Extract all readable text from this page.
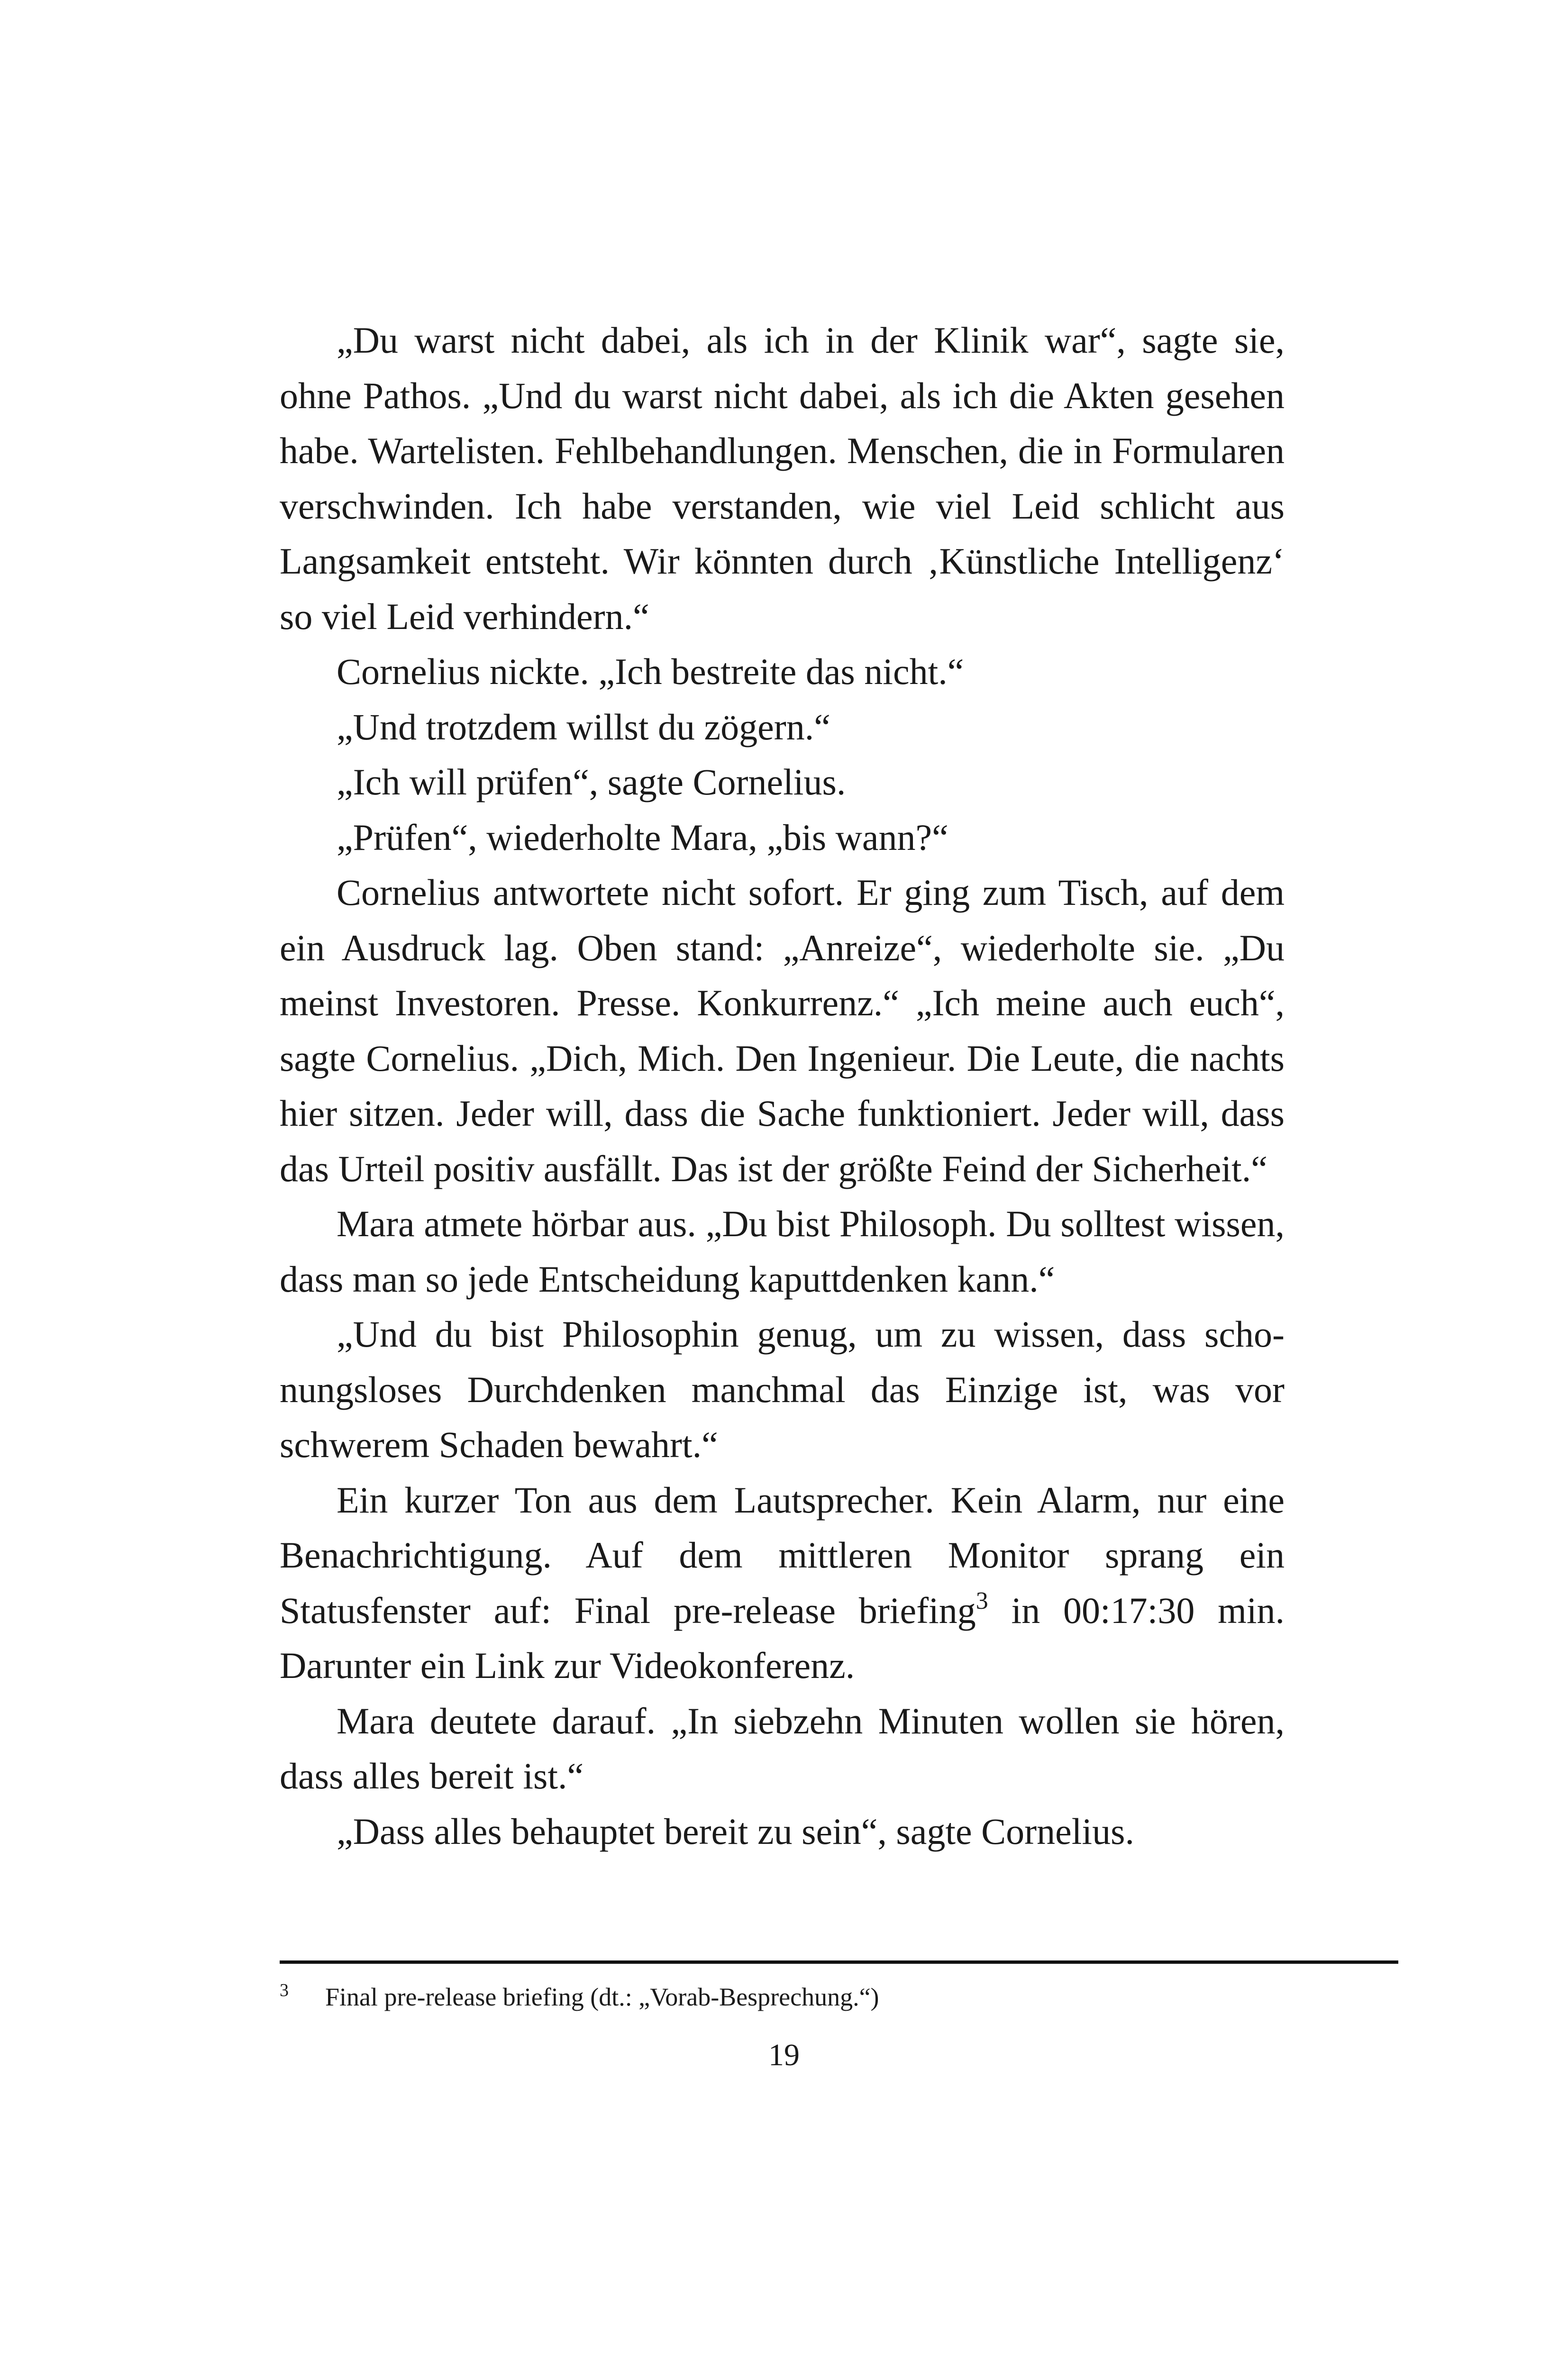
„Du warst nicht dabei, als ich in der Klinik war“, sagte sie, ohne Pathos. „Und du warst nicht dabei, als ich die Akten gesehen habe. Wartelisten. Fehlbehandlungen. Menschen, die in Formularen verschwinden. Ich habe verstanden, wie viel Leid schlicht aus Langsamkeit entsteht. Wir könnten durch ‚Künstliche Intelligenz‘ so viel Leid verhindern.“

Cornelius nickte. „Ich bestreite das nicht.“

„Und trotzdem willst du zögern.“

„Ich will prüfen“, sagte Cornelius.

„Prüfen“, wiederholte Mara, „bis wann?“

Cornelius antwortete nicht sofort. Er ging zum Tisch, auf dem ein Ausdruck lag. Oben stand: „Anreize“, wiederholte sie. „Du meinst Investoren. Presse. Konkurrenz.“ „Ich meine auch euch“, sagte Cornelius. „Dich, Mich. Den Ingenieur. Die Leute, die nachts hier sitzen. Jeder will, dass die Sache funktioniert. Jeder will, dass das Urteil positiv ausfällt. Das ist der größte Feind der Sicherheit.“

Mara atmete hörbar aus. „Du bist Philosoph. Du solltest wissen, dass man so jede Entscheidung kaputtdenken kann.“

„Und du bist Philosophin genug, um zu wissen, dass schonungsloses Durchdenken manchmal das Einzige ist, was vor schwerem Schaden bewahrt.“

Ein kurzer Ton aus dem Lautsprecher. Kein Alarm, nur eine Benachrichtigung. Auf dem mittleren Monitor sprang ein Statusfenster auf: Final pre-release briefing$^3$ in 00:17:30 min. Darunter ein Link zur Videokonferenz.

Mara deutete darauf. „In siebzehn Minuten wollen sie hören, dass alles bereit ist.“

„Dass alles behauptet bereit zu sein“, sagte Cornelius.

3 Final pre-release briefing (dt.: „Vorab-Besprechung.“)
19
